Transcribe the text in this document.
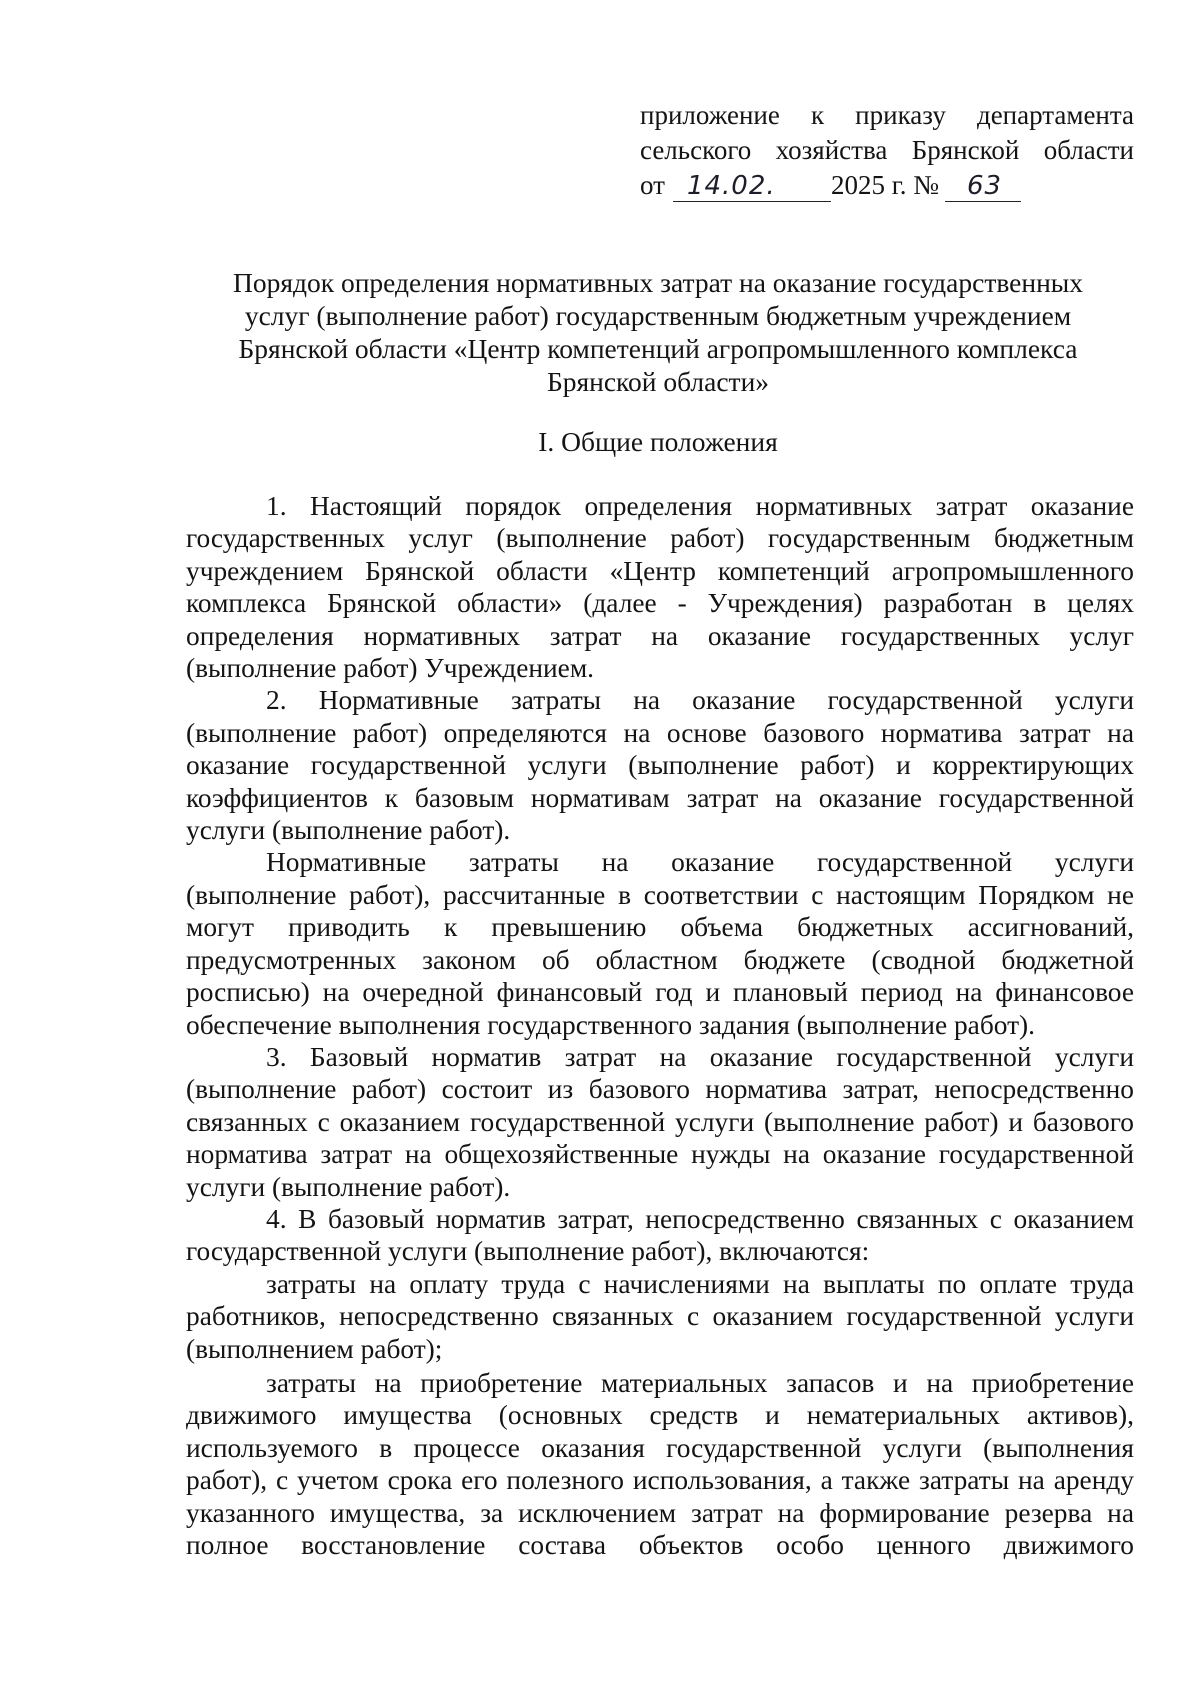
приложение к приказу департамента
сельского хозяйства Брянской области
от 14.02. 2025 г. № 63
Порядок определения нормативных затрат на оказание государственных
услуг (выполнение работ) государственным бюджетным учреждением
Брянской области «Центр компетенций агропромышленного комплекса
Брянской области»
I. Общие положения

1. Настоящий порядок определения нормативных затрат оказание
государственных услуг (выполнение работ) государственным бюджетным
учреждением Брянской области «Центр компетенций агропромышленного
комплекса Брянской области» (далее - Учреждения) разработан в целях
определения нормативных затрат на оказание государственных услуг
(выполнение работ) Учреждением.

2. Нормативные затраты на оказание государственной услуги
(выполнение работ) определяются на основе базового норматива затрат на
оказание государственной услуги (выполнение работ) и корректирующих
коэффициентов к базовым нормативам затрат на оказание государственной
услуги (выполнение работ).

Нормативные затраты на оказание государственной услуги
(выполнение работ), рассчитанные в соответствии с настоящим Порядком не
могут приводить к превышению объема бюджетных ассигнований,
предусмотренных законом об областном бюджете (сводной бюджетной
росписью) на очередной финансовый год и плановый период на финансовое
обеспечение выполнения государственного задания (выполнение работ).

3. Базовый норматив затрат на оказание государственной услуги
(выполнение работ) состоит из базового норматива затрат, непосредственно
связанных с оказанием государственной услуги (выполнение работ) и базового
норматива затрат на общехозяйственные нужды на оказание государственной
услуги (выполнение работ).

4. В базовый норматив затрат, непосредственно связанных с оказанием
государственной услуги (выполнение работ), включаются:

затраты на оплату труда с начислениями на выплаты по оплате труда
работников, непосредственно связанных с оказанием государственной услуги
(выполнением работ);

затраты на приобретение материальных запасов и на приобретение
движимого имущества (основных средств и нематериальных активов),
используемого в процессе оказания государственной услуги (выполнения
работ), с учетом срока его полезного использования, а также затраты на аренду
указанного имущества, за исключением затрат на формирование резерва на
полное восстановление состава объектов особо ценного движимого
